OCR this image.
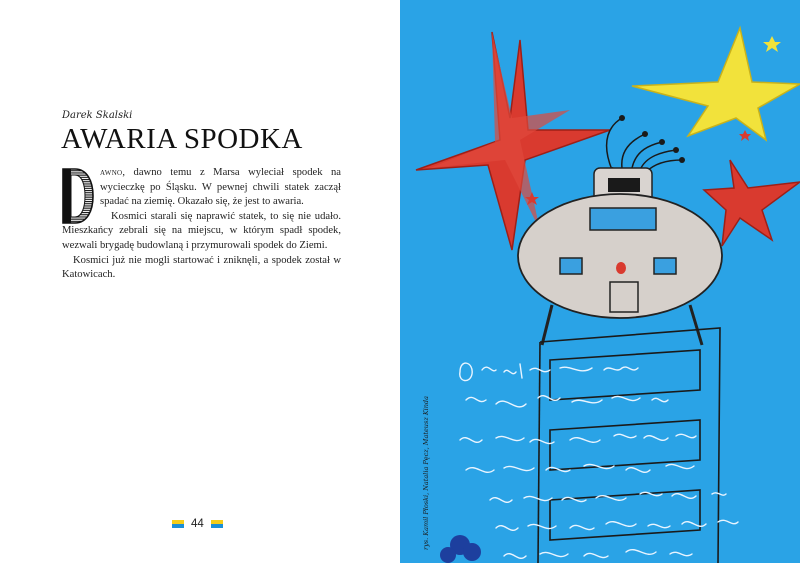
Darek Skalski
AWARIA SPODKA

awno, dawno temu z Marsa wyleciał spodek na wycieczkę po Śląsku. W pewnej chwili statek zaczął spadać na ziemię. Okazało się, że jest to awaria.

Kosmici starali się naprawić statek, to się nie udało. Mieszkańcy zebrali się na miejscu, w którym spadł spodek, wezwali brygadę budowlaną i przymurowali spodek do Ziemi.

Kosmici już nie mogli startować i zniknęli, a spodek został w Katowicach.

44	rys. Kamil Płoski, Natalia Pęcz, Mateusz Kinda
